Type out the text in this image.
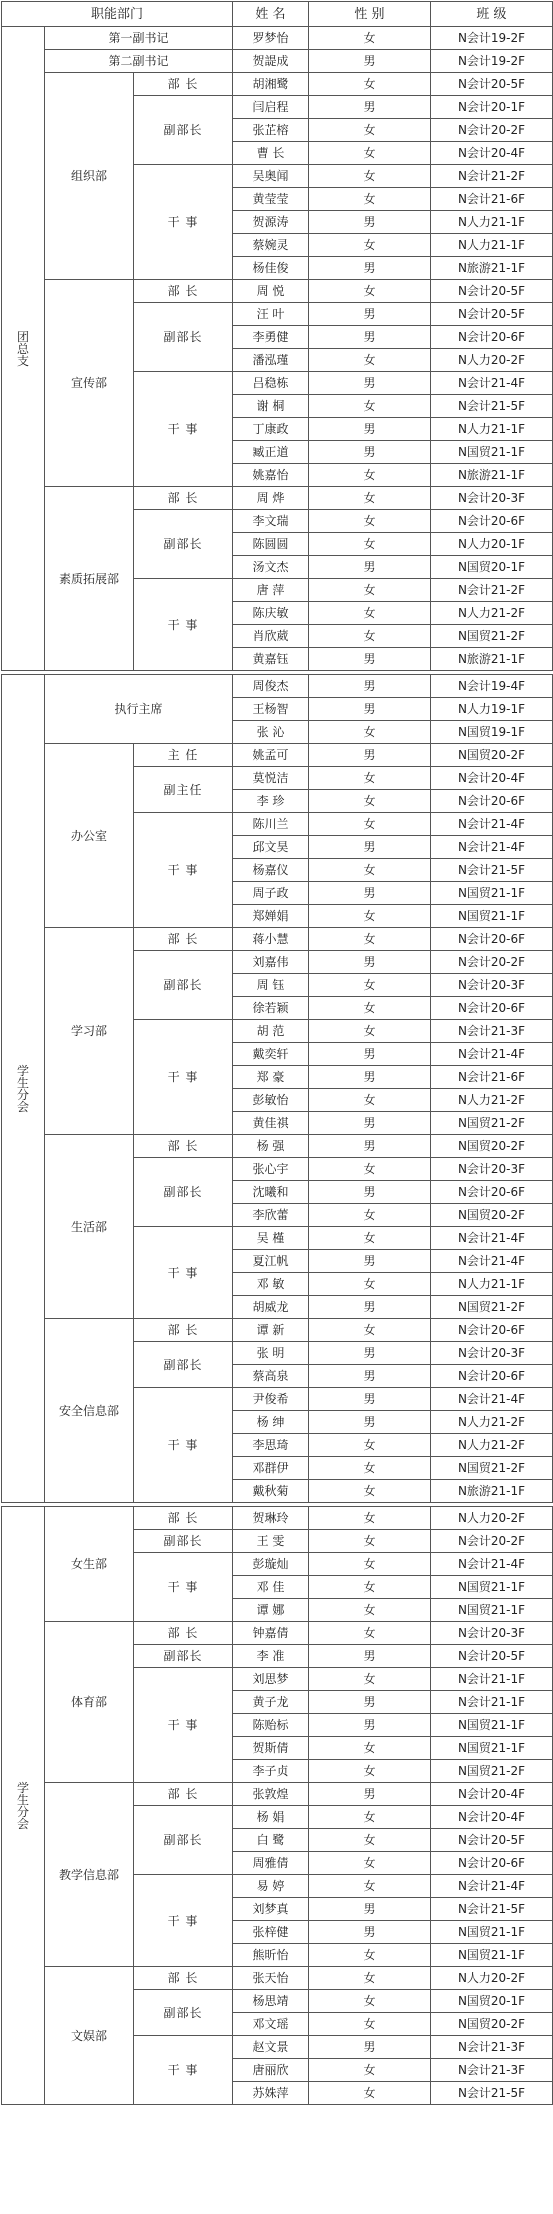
职能部门			姓 名	性 别	班 级

团
总
支	第一副书记		罗梦怡	女	N会计19-2F
	第二副书记		贺諟成	男	N会计19-2F
	组织部	部 长	胡湘鹭	女	N会计20-5F
		副部长	闫启程	男	N会计20-1F
			张芷榕	女	N会计20-2F
			曹 长	女	N会计20-4F
		干 事	吴奥闻	女	N会计21-2F
			黄莹莹	女	N会计21-6F
			贺源涛	男	N人力21-1F
			蔡婉灵	女	N人力21-1F
			杨佳俊	男	N旅游21-1F
	宣传部	部 长	周 悦	女	N会计20-5F
		副部长	汪 叶	男	N会计20-5F
			李勇健	男	N会计20-6F
			潘泓瑾	女	N人力20-2F
		干 事	吕稳栋	男	N会计21-4F
			谢 桐	女	N会计21-5F
			丁康政	男	N人力21-1F
			臧正道	男	N国贸21-1F
			姚嘉怡	女	N旅游21-1F
	素质拓展部	部 长	周 烨	女	N会计20-3F
		副部长	李文瑞	女	N会计20-6F
			陈圆圆	女	N人力20-1F
			汤文杰	男	N国贸20-1F
		干 事	唐 萍	女	N会计21-2F
			陈庆敏	女	N人力21-2F
			肖欣葳	女	N国贸21-2F
			黄嘉钰	男	N旅游21-1F

学
生
分
会	执行主席		周俊杰	男	N会计19-4F
			王杨智	男	N人力19-1F
			张 沁	女	N国贸19-1F
	办公室	主 任	姚孟可	男	N国贸20-2F
		副主任	莫悦洁	女	N会计20-4F
			李 珍	女	N会计20-6F
		干 事	陈川兰	女	N会计21-4F
			邱文昊	男	N会计21-4F
			杨嘉仪	女	N会计21-5F
			周子政	男	N国贸21-1F
			郑婵娟	女	N国贸21-1F
	学习部	部 长	蒋小慧	女	N会计20-6F
		副部长	刘嘉伟	男	N会计20-2F
			周 钰	女	N会计20-3F
			徐若颖	女	N会计20-6F
		干 事	胡 范	女	N会计21-3F
			戴奕轩	男	N会计21-4F
			郑 豪	男	N会计21-6F
			彭敏怡	女	N人力21-2F
			黄佳祺	男	N国贸21-2F
	生活部	部 长	杨 强	男	N国贸20-2F
		副部长	张心宇	女	N会计20-3F
			沈曦和	男	N会计20-6F
			李欣蕾	女	N国贸20-2F
		干 事	吴 槿	女	N会计21-4F
			夏江帆	男	N会计21-4F
			邓 敏	女	N人力21-1F
			胡威龙	男	N国贸21-2F
	安全信息部	部 长	谭 新	女	N会计20-6F
		副部长	张 明	男	N会计20-3F
			蔡高泉	男	N会计20-6F
		干 事	尹俊希	男	N会计21-4F
			杨 绅	男	N人力21-2F
			李思琦	女	N人力21-2F
			邓群伊	女	N国贸21-2F
			戴秋菊	女	N旅游21-1F

学
生
分
会	女生部	部 长	贺琳玲	女	N人力20-2F
		副部长	王 雯	女	N会计20-2F
		干 事	彭璇灿	女	N会计21-4F
			邓 佳	女	N国贸21-1F
			谭 娜	女	N国贸21-1F
	体育部	部 长	钟嘉倩	女	N会计20-3F
		副部长	李 准	男	N会计20-5F
		干 事	刘思梦	女	N会计21-1F
			黄子龙	男	N会计21-1F
			陈贻标	男	N国贸21-1F
			贺斯倩	女	N国贸21-1F
			李子贞	女	N国贸21-2F
	教学信息部	部 长	张敦煌	男	N会计20-4F
		副部长	杨 娟	女	N会计20-4F
			白 鹭	女	N会计20-5F
			周雅倩	女	N会计20-6F
		干 事	易 婷	女	N会计21-4F
			刘梦真	男	N会计21-5F
			张梓健	男	N国贸21-1F
			熊昕怡	女	N国贸21-1F
	文娱部	部 长	张天怡	女	N人力20-2F
		副部长	杨思靖	女	N国贸20-1F
			邓文瑶	女	N国贸20-2F
		干 事	赵文景	男	N会计21-3F
			唐丽欣	女	N会计21-3F
			苏姝萍	女	N会计21-5F
